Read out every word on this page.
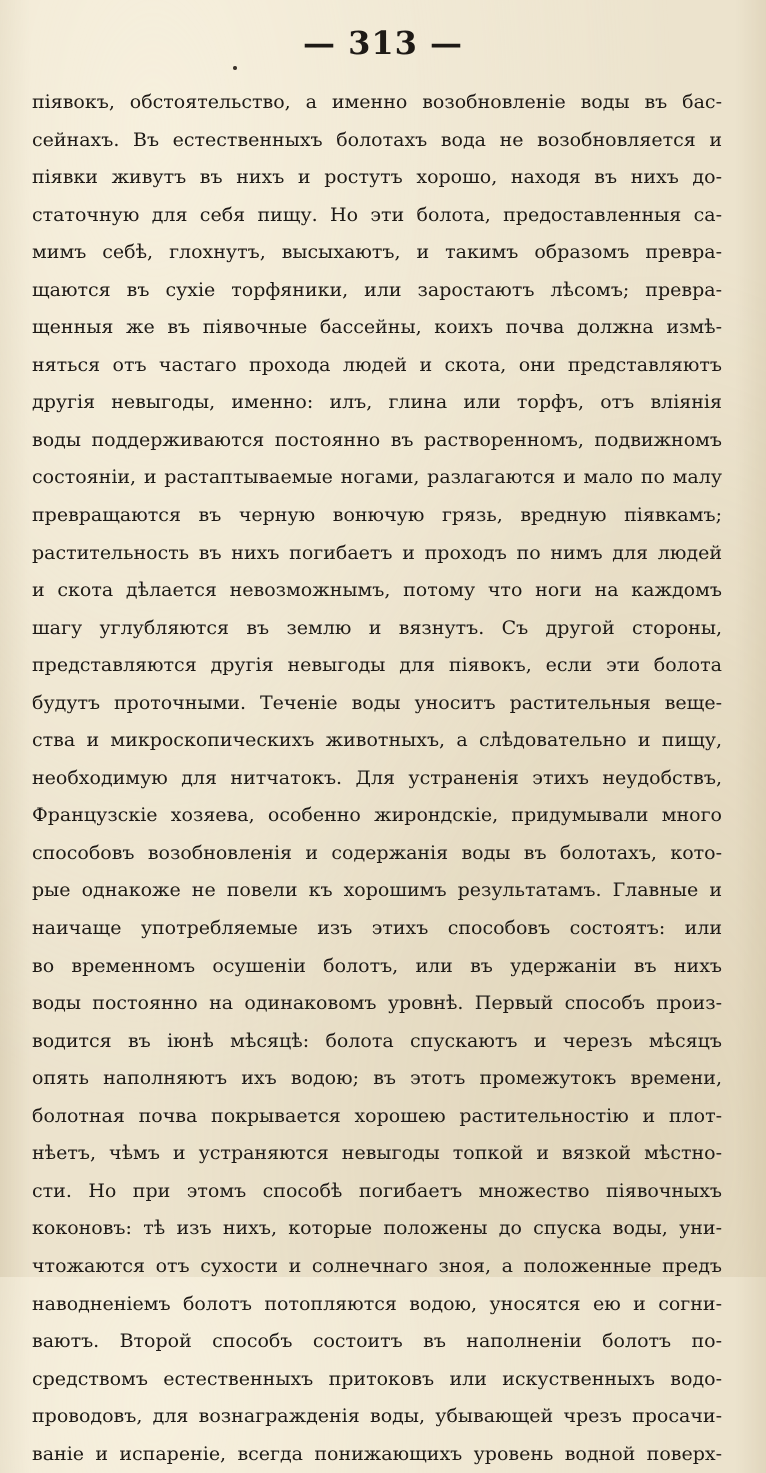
— 313 —
піявокъ, обстоятельство, а именно возобновленіе воды въ бас-
сейнахъ. Въ естественныхъ болотахъ вода не возобновляется и
піявки живутъ въ нихъ и ростутъ хорошо, находя въ нихъ до-
статочную для себя пищу. Но эти болота, предоставленныя са-
мимъ себѣ, глохнутъ, высыхаютъ, и такимъ образомъ превра-
щаются въ сухіе торфяники, или заростаютъ лѣсомъ; превра-
щенныя же въ піявочные бассейны, коихъ почва должна измѣ-
няться отъ частаго прохода людей и скота, они представляютъ
другія невыгоды, именно: илъ, глина или торфъ, отъ вліянія
воды поддерживаются постоянно въ растворенномъ, подвижномъ
состояніи, и растаптываемые ногами, разлагаются и мало по малу
превращаются въ черную вонючую грязь, вредную піявкамъ;
растительность въ нихъ погибаетъ и проходъ по нимъ для людей
и скота дѣлается невозможнымъ, потому что ноги на каждомъ
шагу углубляются въ землю и вязнутъ. Съ другой стороны,
представляются другія невыгоды для піявокъ, если эти болота
будутъ проточными. Теченіе воды уноситъ растительныя веще-
ства и микроскопическихъ животныхъ, а слѣдовательно и пищу,
необходимую для нитчатокъ. Для устраненія этихъ неудобствъ,
Французскіе хозяева, особенно жирондскіе, придумывали много
способовъ возобновленія и содержанія воды въ болотахъ, кото-
рые однакоже не повели къ хорошимъ результатамъ. Главные и
наичаще употребляемые изъ этихъ способовъ состоятъ: или
во временномъ осушеніи болотъ, или въ удержаніи въ нихъ
воды постоянно на одинаковомъ уровнѣ. Первый способъ произ-
водится въ іюнѣ мѣсяцѣ: болота спускаютъ и черезъ мѣсяцъ
опять наполняютъ ихъ водою; въ этотъ промежутокъ времени,
болотная почва покрывается хорошею растительностію и плот-
нѣетъ, чѣмъ и устраняются невыгоды топкой и вязкой мѣстно-
сти. Но при этомъ способѣ погибаетъ множество піявочныхъ
коконовъ: тѣ изъ нихъ, которые положены до спуска воды, уни-
чтожаются отъ сухости и солнечнаго зноя, а положенные предъ
наводненіемъ болотъ потопляются водою, уносятся ею и согни-
ваютъ. Второй способъ состоитъ въ наполненіи болотъ по-
средствомъ естественныхъ притоковъ или искуственныхъ водо-
проводовъ, для вознагражденія воды, убывающей чрезъ просачи-
ваніе и испареніе, всегда понижающихъ уровень водной поверх-
